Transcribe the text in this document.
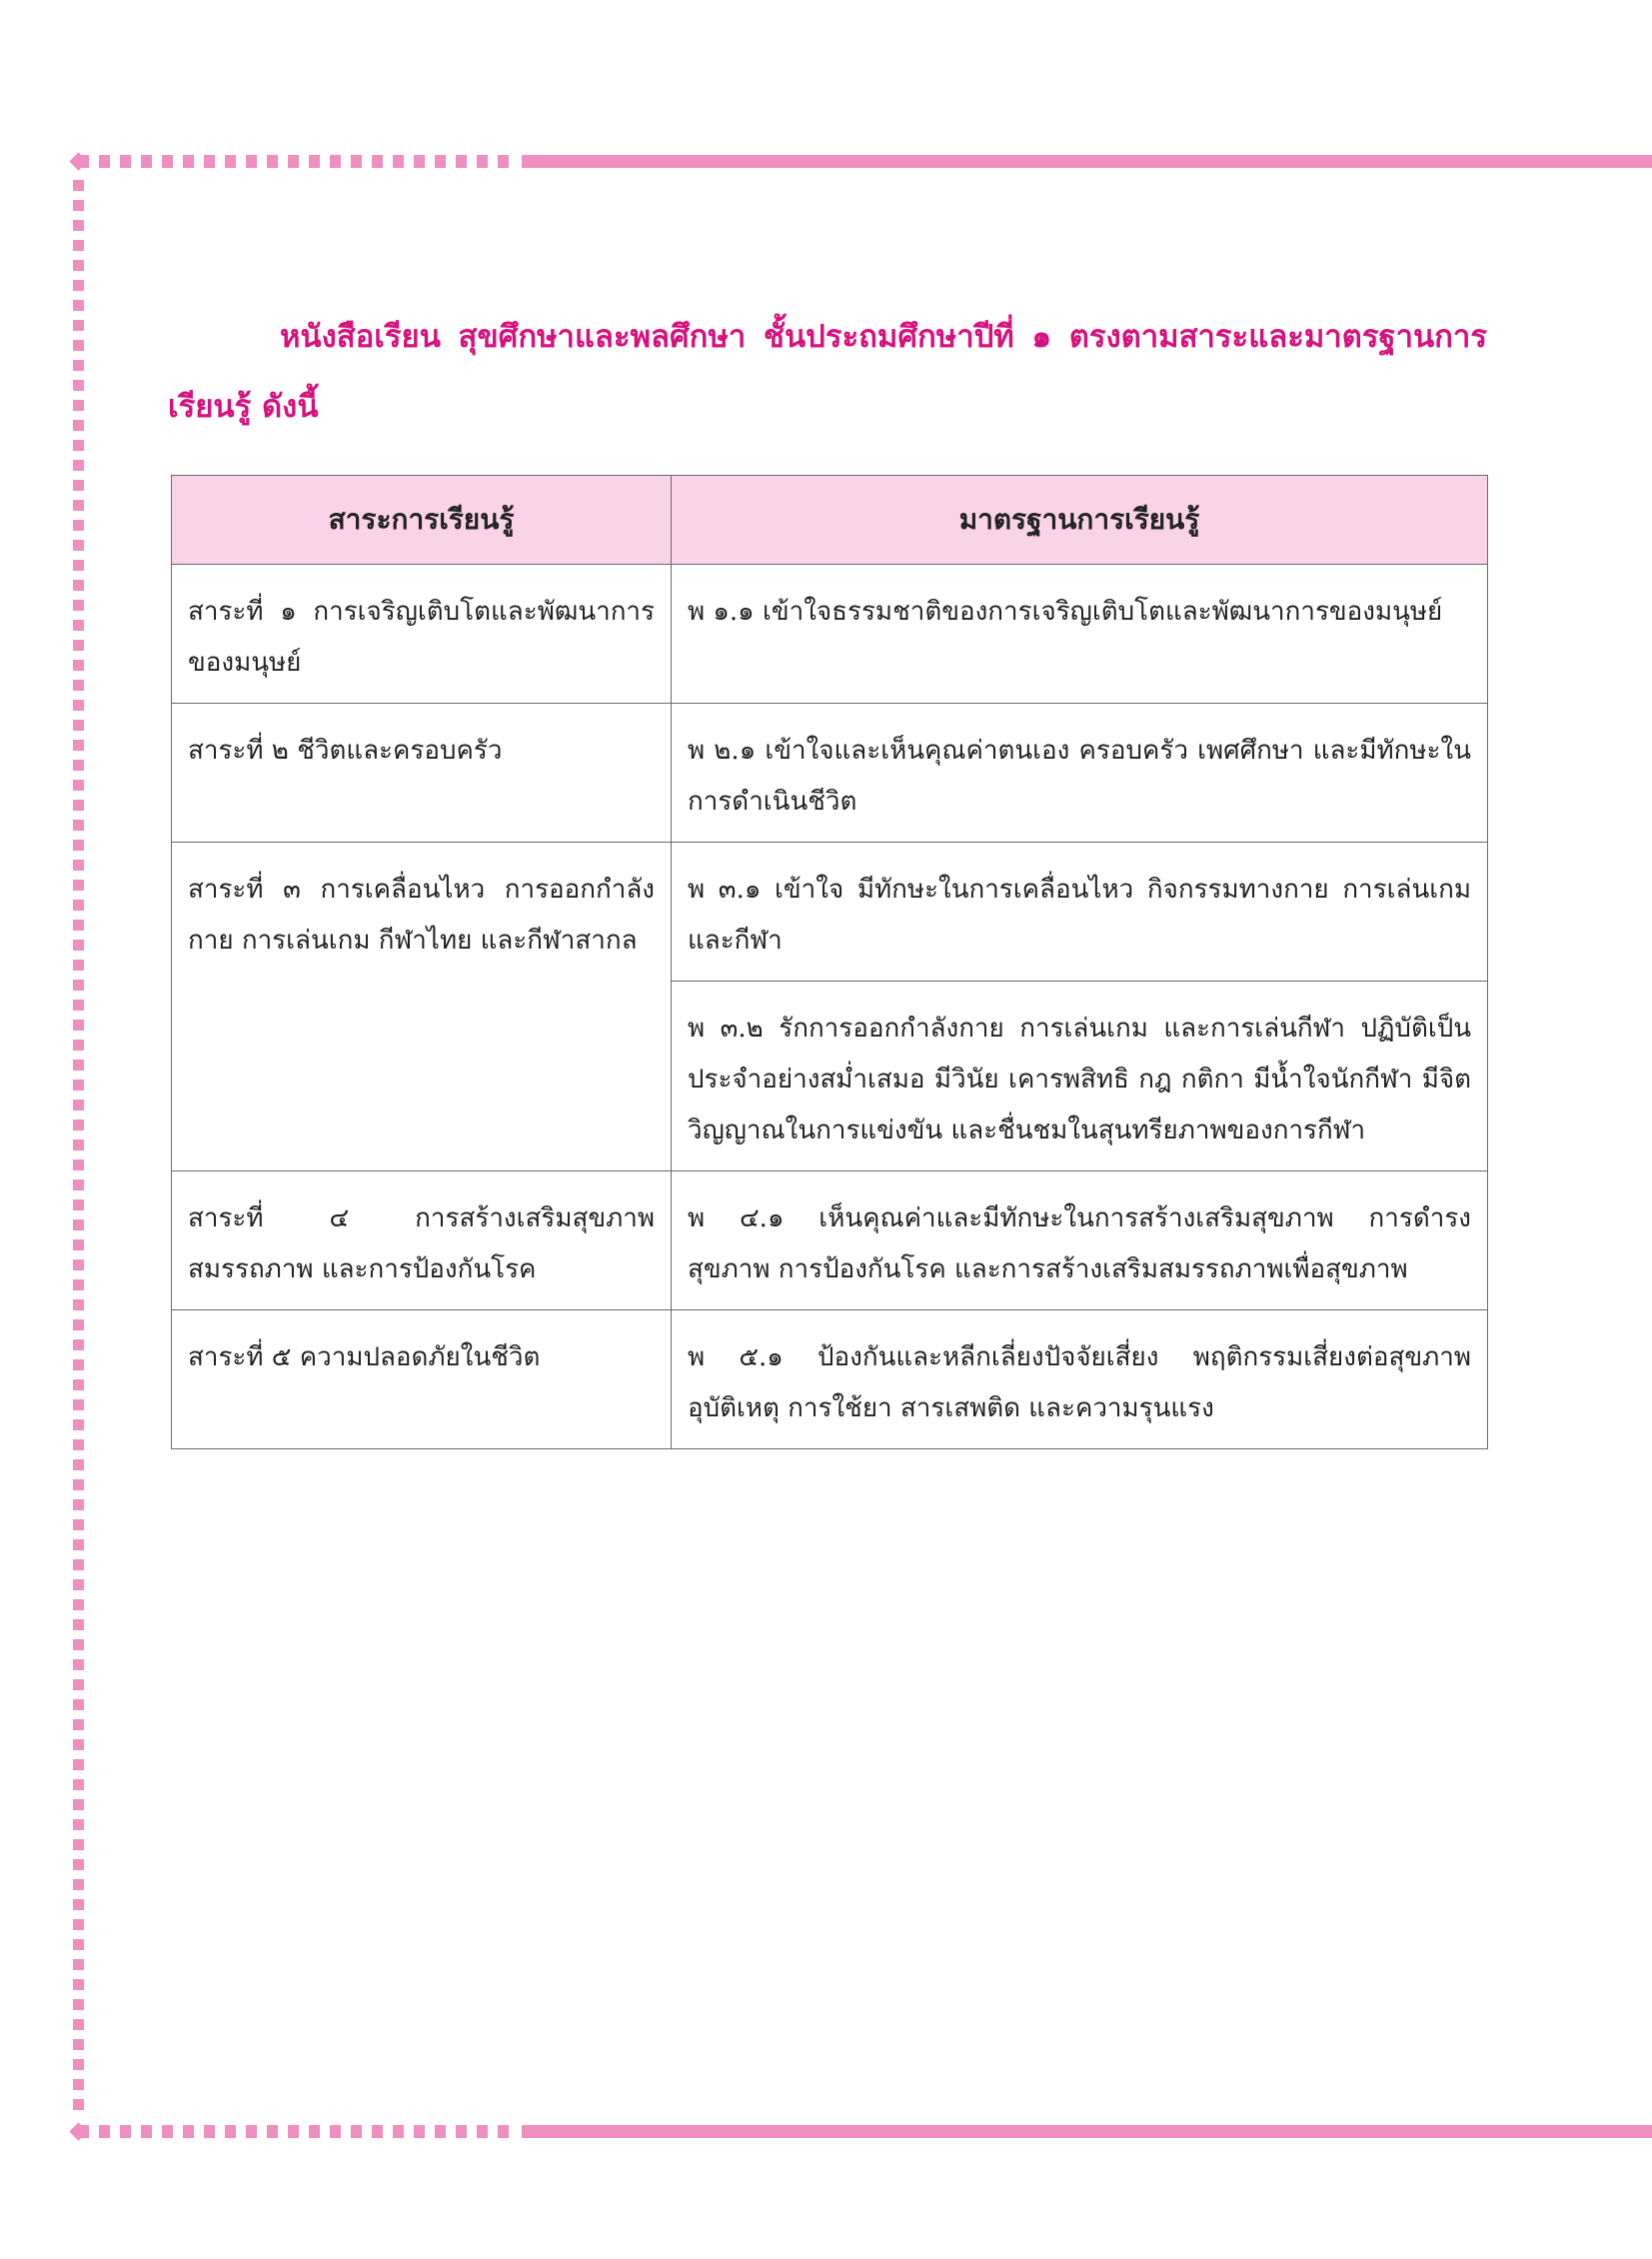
หนังสือเรียน สุขศึกษาและพลศึกษา ชั้นประถมศึกษาปีที่ ๑ ตรงตามสาระและมาตรฐานการเรียนรู้ ดังนี้

สาระการเรียนรู้	มาตรฐานการเรียนรู้
สาระที่ ๑ การเจริญเติบโตและพัฒนาการของมนุษย์	พ ๑.๑ เข้าใจธรรมชาติของการเจริญเติบโตและพัฒนาการของมนุษย์
สาระที่ ๒ ชีวิตและครอบครัว	พ ๒.๑ เข้าใจและเห็นคุณค่าตนเอง ครอบครัว เพศศึกษา และมีทักษะในการดำเนินชีวิต
สาระที่ ๓ การเคลื่อนไหว การออกกำลังกาย การเล่นเกม กีฬาไทย และกีฬาสากล	พ ๓.๑ เข้าใจ มีทักษะในการเคลื่อนไหว กิจกรรมทางกาย การเล่นเกม และกีฬา
	พ ๓.๒ รักการออกกำลังกาย การเล่นเกม และการเล่นกีฬา ปฏิบัติเป็นประจำอย่างสม่ำเสมอ มีวินัย เคารพสิทธิ กฎ กติกา มีน้ำใจนักกีฬา มีจิตวิญญาณในการแข่งขัน และชื่นชมในสุนทรียภาพของการกีฬา
สาระที่ ๔ การสร้างเสริมสุขภาพ สมรรถภาพ และการป้องกันโรค	พ ๔.๑ เห็นคุณค่าและมีทักษะในการสร้างเสริมสุขภาพ การดำรงสุขภาพ การป้องกันโรค และการสร้างเสริมสมรรถภาพเพื่อสุขภาพ
สาระที่ ๕ ความปลอดภัยในชีวิต	พ ๕.๑ ป้องกันและหลีกเลี่ยงปัจจัยเสี่ยง พฤติกรรมเสี่ยงต่อสุขภาพ อุบัติเหตุ การใช้ยา สารเสพติด และความรุนแรง
